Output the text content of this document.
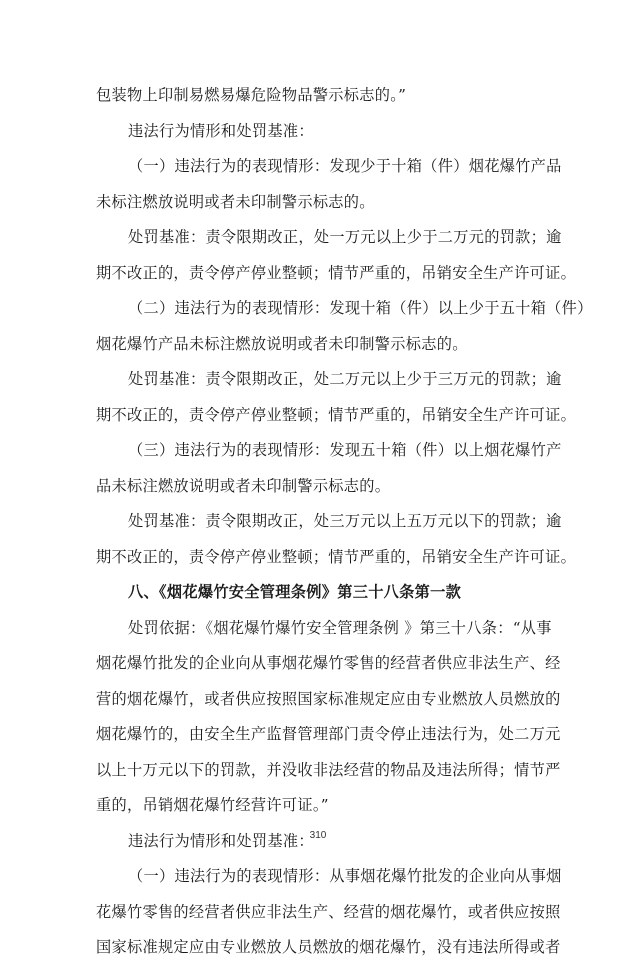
包装物上印制易燃易爆危险物品警示标志的。”
违法行为情形和处罚基准：
（一）违法行为的表现情形：发现少于十箱（件）烟花爆竹产品
未标注燃放说明或者未印制警示标志的。
处罚基准：责令限期改正，处一万元以上少于二万元的罚款；逾
期不改正的，责令停产停业整顿；情节严重的，吊销安全生产许可证。
（二）违法行为的表现情形：发现十箱（件）以上少于五十箱（件）
烟花爆竹产品未标注燃放说明或者未印制警示标志的。
处罚基准：责令限期改正，处二万元以上少于三万元的罚款；逾
期不改正的，责令停产停业整顿；情节严重的，吊销安全生产许可证。
（三）违法行为的表现情形：发现五十箱（件）以上烟花爆竹产
品未标注燃放说明或者未印制警示标志的。
处罚基准：责令限期改正，处三万元以上五万元以下的罚款；逾
期不改正的，责令停产停业整顿；情节严重的，吊销安全生产许可证。
八、《烟花爆竹安全管理条例》第三十八条第一款
处罚依据：《烟花爆竹爆竹安全管理条例 》第三十八条：“从事
烟花爆竹批发的企业向从事烟花爆竹零售的经营者供应非法生产、经
营的烟花爆竹，或者供应按照国家标准规定应由专业燃放人员燃放的
烟花爆竹的，由安全生产监督管理部门责令停止违法行为，处二万元
以上十万元以下的罚款，并没收非法经营的物品及违法所得；情节严
重的，吊销烟花爆竹经营许可证。”
违法行为情形和处罚基准：
（一）违法行为的表现情形：从事烟花爆竹批发的企业向从事烟
花爆竹零售的经营者供应非法生产、经营的烟花爆竹，或者供应按照
国家标准规定应由专业燃放人员燃放的烟花爆竹，没有违法所得或者
310
